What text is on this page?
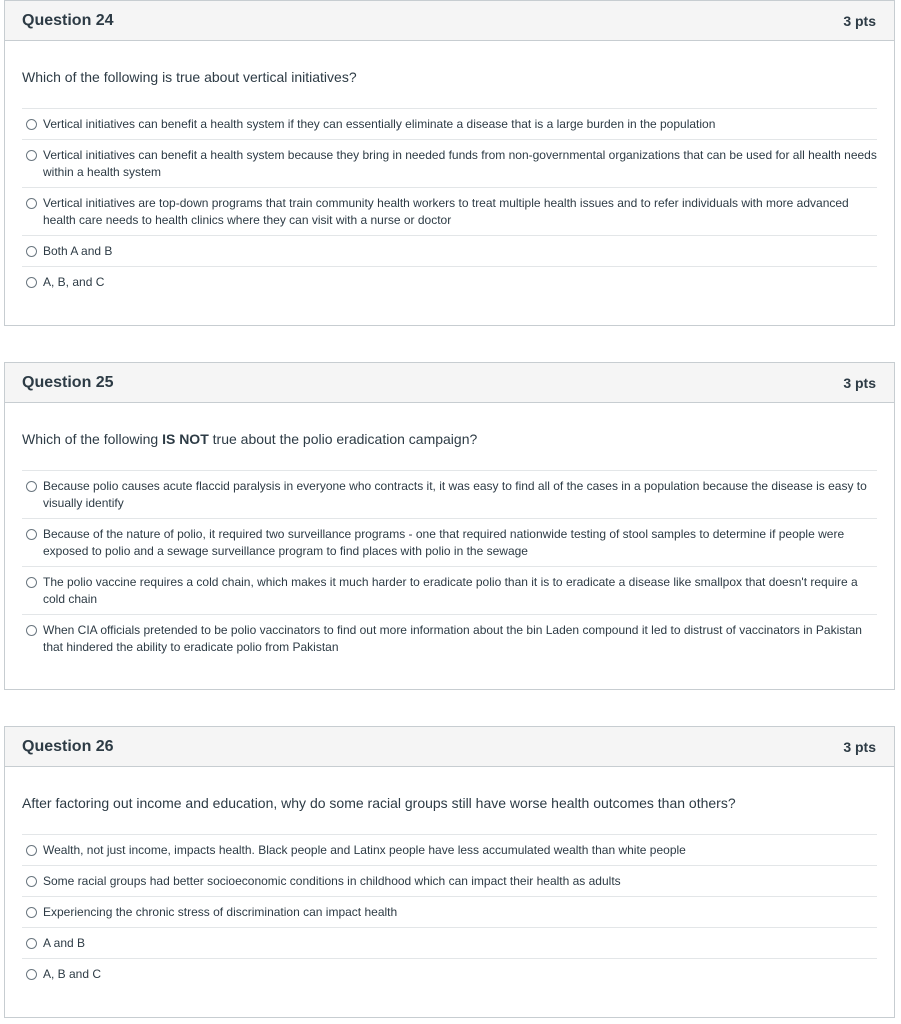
Question 24	3 pts
Which of the following is true about vertical initiatives?
Vertical initiatives can benefit a health system if they can essentially eliminate a disease that is a large burden in the population
Vertical initiatives can benefit a health system because they bring in needed funds from non-governmental organizations that can be used for all health needs within a health system
Vertical initiatives are top-down programs that train community health workers to treat multiple health issues and to refer individuals with more advanced health care needs to health clinics where they can visit with a nurse or doctor
Both A and B
A, B, and C
Question 25	3 pts
Which of the following IS NOT true about the polio eradication campaign?
Because polio causes acute flaccid paralysis in everyone who contracts it, it was easy to find all of the cases in a population because the disease is easy to visually identify
Because of the nature of polio, it required two surveillance programs - one that required nationwide testing of stool samples to determine if people were exposed to polio and a sewage surveillance program to find places with polio in the sewage
The polio vaccine requires a cold chain, which makes it much harder to eradicate polio than it is to eradicate a disease like smallpox that doesn't require a cold chain
When CIA officials pretended to be polio vaccinators to find out more information about the bin Laden compound it led to distrust of vaccinators in Pakistan that hindered the ability to eradicate polio from Pakistan
Question 26	3 pts
After factoring out income and education, why do some racial groups still have worse health outcomes than others?
Wealth, not just income, impacts health. Black people and Latinx people have less accumulated wealth than white people
Some racial groups had better socioeconomic conditions in childhood which can impact their health as adults
Experiencing the chronic stress of discrimination can impact health
A and B
A, B and C
